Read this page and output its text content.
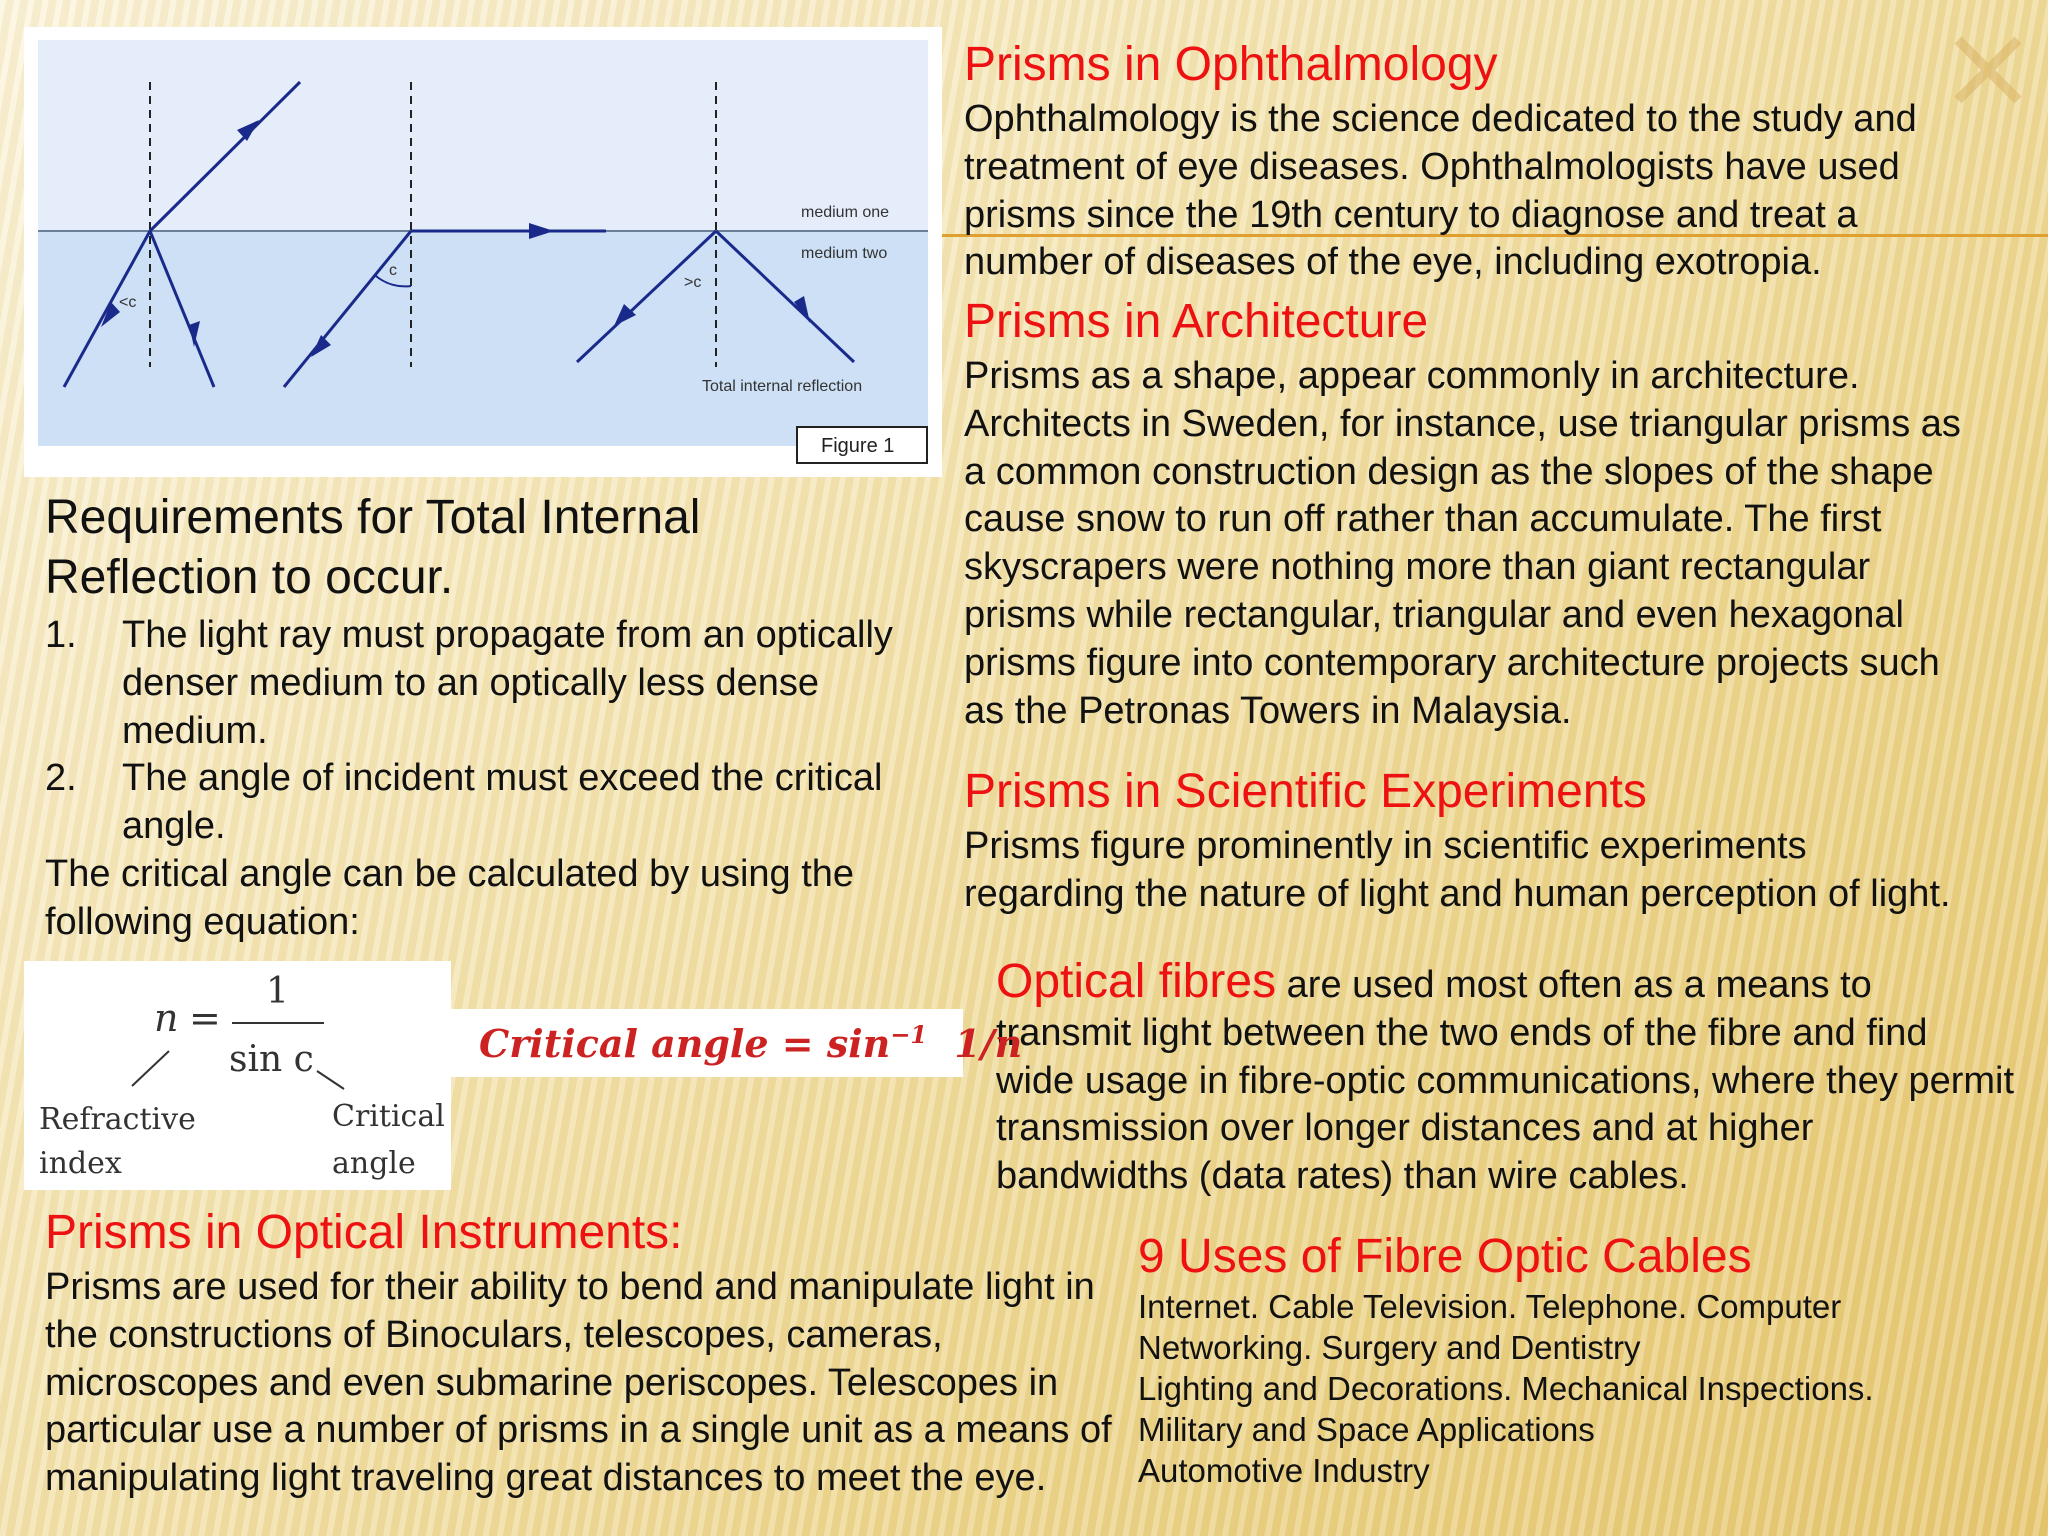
medium one
medium two
<c
c
>c
Total internal reflection
Figure 1
Prisms in Ophthalmology

Ophthalmology is the science dedicated to the study and treatment of eye diseases. Ophthalmologists have used prisms since the 19th century to diagnose and treat a number of diseases of the eye, including exotropia.

Prisms in Architecture

Prisms as a shape, appear commonly in architecture. Architects in Sweden, for instance, use triangular prisms as a common construction design as the slopes of the shape cause snow to run off rather than accumulate. The first skyscrapers were nothing more than giant rectangular prisms while rectangular, triangular and even hexagonal prisms figure into contemporary architecture projects such as the Petronas Towers in Malaysia.

Prisms in Scientific Experiments

Prisms figure prominently in scientific experiments regarding the nature of light and human perception of light.

Optical fibres are used most often as a means to transmit light between the two ends of the fibre and find wide usage in fibre-optic communications, where they permit transmission over longer distances and at higher bandwidths (data rates) than wire cables.
Requirements for Total Internal Reflection to occur.
1. The light ray must propagate from an optically denser medium to an optically less dense medium.
2. The angle of incident must exceed the critical angle.

The critical angle can be calculated by using the following equation:

n =
1
sin c
Refractive
index
Critical
angle
Critical angle = $\sin^{-1} 1/n$
Prisms in Optical Instruments:

Prisms are used for their ability to bend and manipulate light in the constructions of Binoculars, telescopes, cameras, microscopes and even submarine periscopes. Telescopes in particular use a number of prisms in a single unit as a means of manipulating light traveling great distances to meet the eye.

9 Uses of Fibre Optic Cables
Internet. Cable Television. Telephone. Computer
Networking. Surgery and Dentistry
Lighting and Decorations. Mechanical Inspections.
Military and Space Applications
Automotive Industry
